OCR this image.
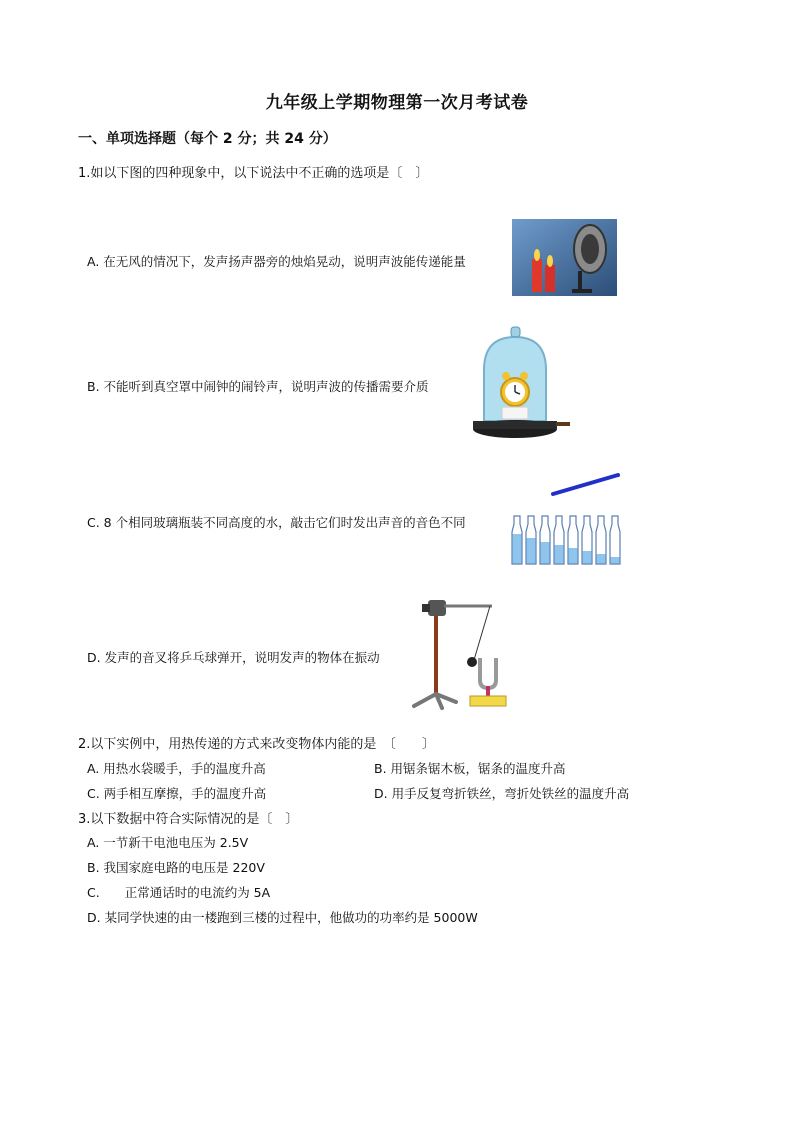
九年级上学期物理第一次月考试卷
一、单项选择题（每个 2 分；共 24 分）
1.如以下图的四种现象中，以下说法中不正确的选项是〔　〕
A. 在无风的情况下，发声扬声器旁的烛焰晃动，说明声波能传递能量
B. 不能听到真空罩中闹钟的闹铃声，说明声波的传播需要介质
C. 8 个相同玻璃瓶装不同高度的水，敲击它们时发出声音的音色不同
D. 发声的音叉将乒乓球弹开，说明发声的物体在振动
2.以下实例中，用热传递的方式来改变物体内能的是　〔　　〕
A. 用热水袋暖手，手的温度升高	B. 用锯条锯木板，锯条的温度升高
C. 两手相互摩擦，手的温度升高	D. 用手反复弯折铁丝，弯折处铁丝的温度升高
3.以下数据中符合实际情况的是〔　〕
A. 一节新干电池电压为 2.5V
B. 我国家庭电路的电压是 220V
C.　　正常通话时的电流约为 5A
D. 某同学快速的由一楼跑到三楼的过程中，他做功的功率约是 5000W
